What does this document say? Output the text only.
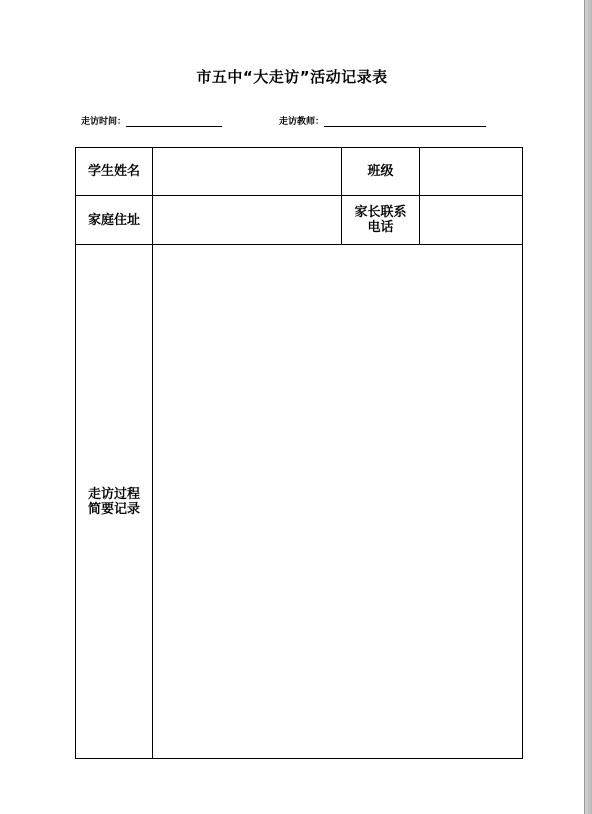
市五中“大走访”活动记录表
走访时间：	走访教师：
学生姓名	班级
家庭住址	家长联系
电话
走访过程
简要记录
